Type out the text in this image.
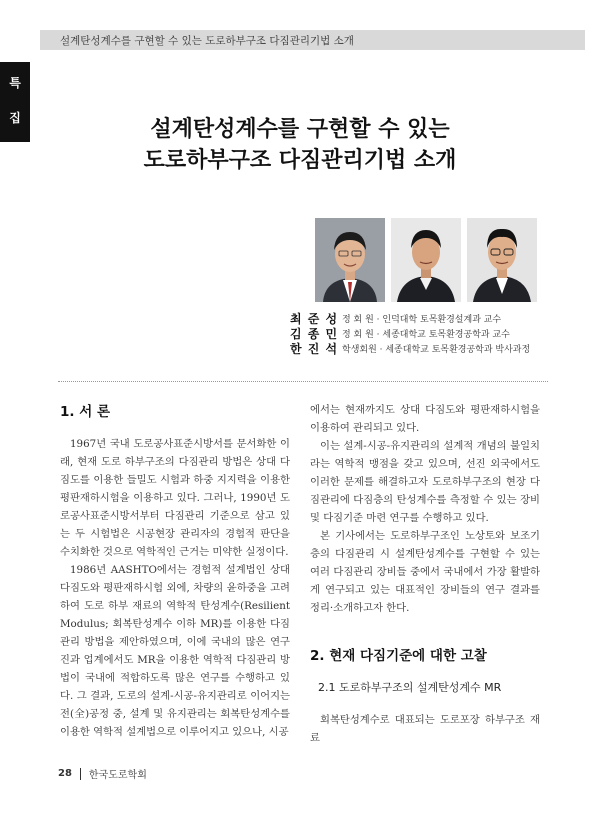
설계탄성계수를 구현할 수 있는 도로하부구조 다짐관리기법 소개
특
집	설계탄성계수를 구현할 수 있는
도로하부구조 다짐관리기법 소개
최 준 성 정 회 원 · 인덕대학 토목환경설계과 교수
김 종 민 정 회 원 · 세종대학교 토목환경공학과 교수
한 진 석 학생회원 · 세종대학교 토목환경공학과 박사과정
1. 서 론

1967년 국내 도로공사표준시방서를 문서화한 이래, 현재 도로 하부구조의 다짐관리 방법은 상대 다짐도를 이용한 들밀도 시험과 하중 지지력을 이용한 평판재하시험을 이용하고 있다. 그러나, 1990년 도로공사표준시방서부터 다짐관리 기준으로 삼고 있는 두 시험법은 시공현장 관리자의 경험적 판단을 수치화한 것으로 역학적인 근거는 미약한 실정이다.

1986년 AASHTO에서는 경험적 설계법인 상대다짐도와 평판재하시험 외에, 차량의 윤하중을 고려하여 도로 하부 재료의 역학적 탄성계수(Resilient Modulus; 회복탄성계수 이하 MR)를 이용한 다짐관리 방법을 제안하였으며, 이에 국내의 많은 연구진과 업계에서도 MR을 이용한 역학적 다짐관리 방법이 국내에 적합하도록 많은 연구를 수행하고 있다. 그 결과, 도로의 설계-시공-유지관리로 이어지는 전(全)공정 중, 설계 및 유지관리는 회복탄성계수를 이용한 역학적 설계법으로 이루어지고 있으나, 시공

에서는 현재까지도 상대 다짐도와 평판재하시험을 이용하여 관리되고 있다.

이는 설계-시공-유지관리의 설계적 개념의 불일치라는 역학적 맹점을 갖고 있으며, 선진 외국에서도 이러한 문제를 해결하고자 도로하부구조의 현장 다짐관리에 다짐층의 탄성계수를 측정할 수 있는 장비 및 다짐기준 마련 연구를 수행하고 있다.

본 기사에서는 도로하부구조인 노상토와 보조기층의 다짐관리 시 설계탄성계수를 구현할 수 있는 여러 다짐관리 장비들 중에서 국내에서 가장 활발하게 연구되고 있는 대표적인 장비들의 연구 결과를 정리·소개하고자 한다.

2. 현재 다짐기준에 대한 고찰
2.1 도로하부구조의 설계탄성계수 MR

회복탄성계수로 대표되는 도로포장 하부구조 재료

28 한국도로학회
